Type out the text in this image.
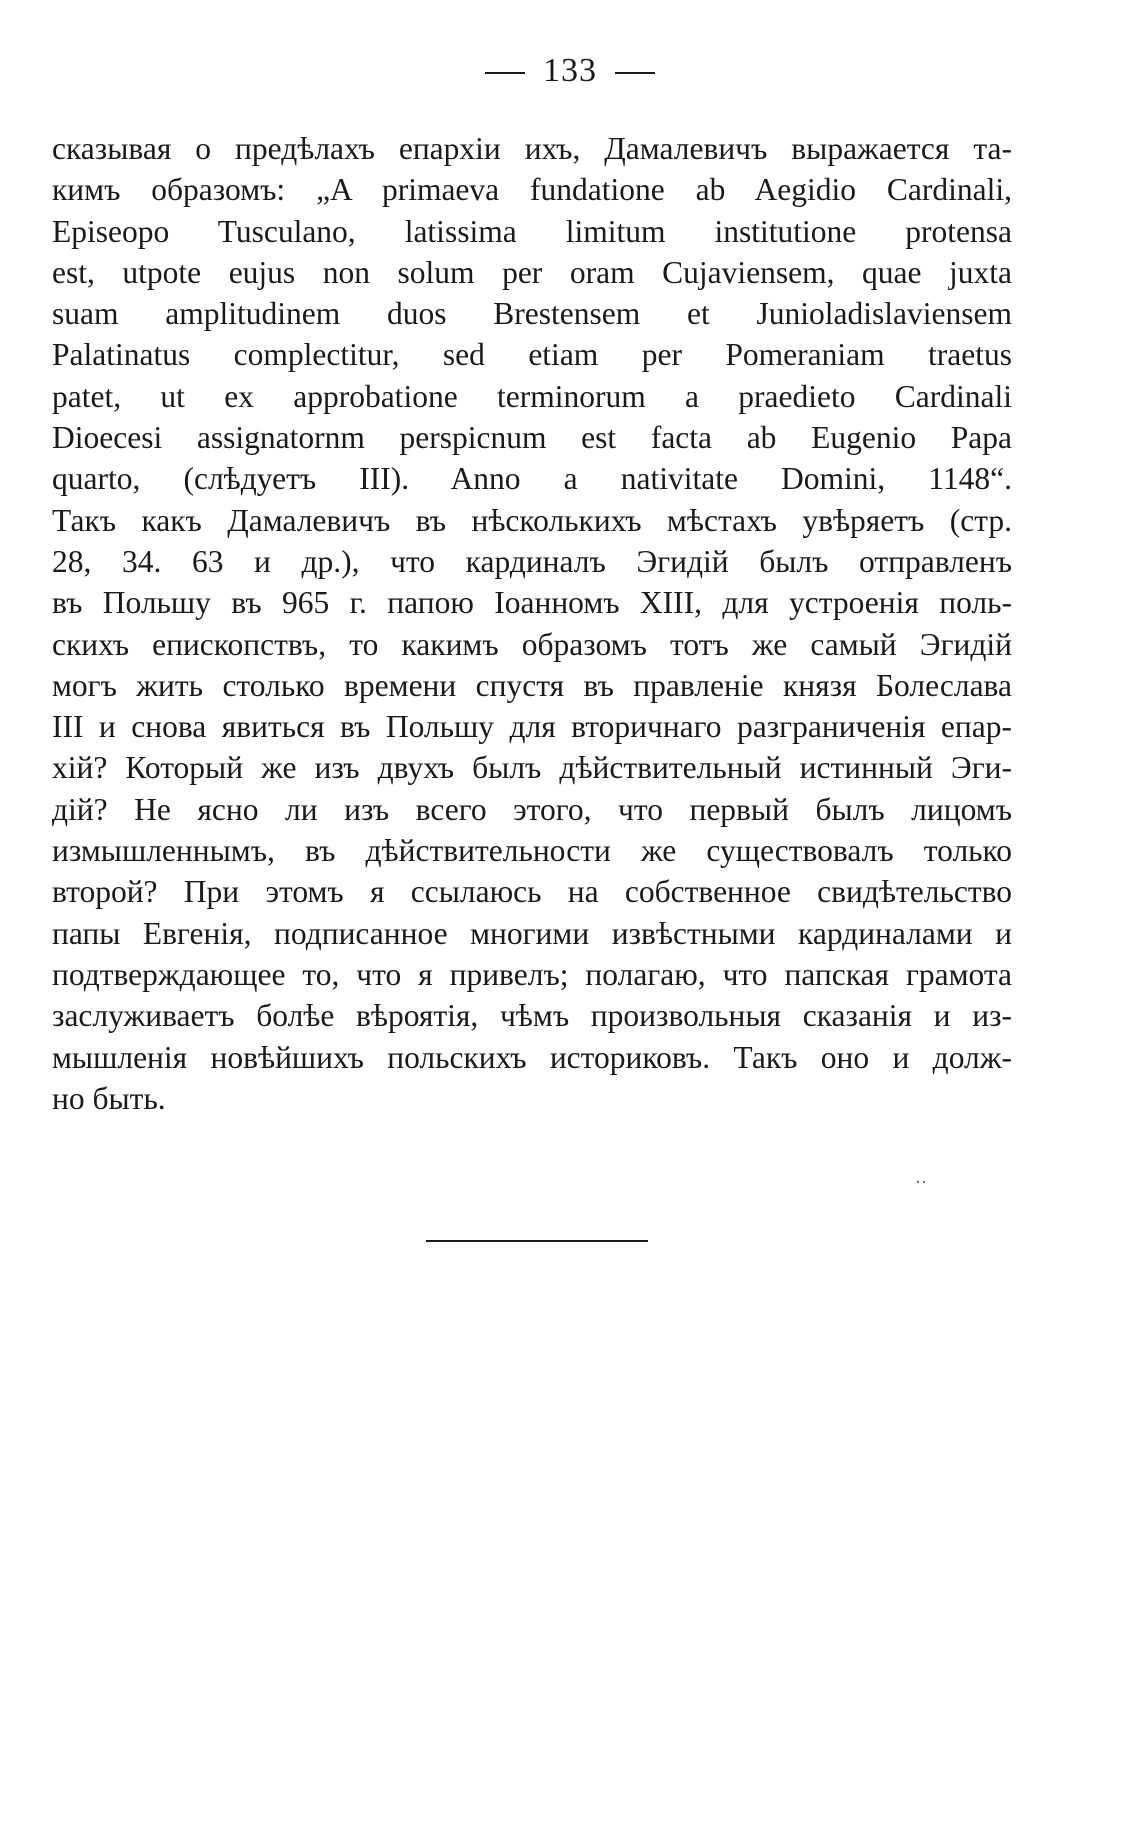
133
сказывая о предѣлахъ епархіи ихъ, Дамалевичъ выражается та-
кимъ образомъ: „A primaeva fundatione ab Aegidio Cardinali,
Episeopo Tusculano, latissima limitum institutione protensa
est, utpote eujus non solum per oram Cujaviensem, quae juxta
suam amplitudinem duos Brestensem et Junioladislaviensem
Palatinatus complectitur, sed etiam per Pomeraniam traetus
patet, ut ex approbatione terminorum a praedieto Cardinali
Dioecesi assignatornm perspicnum est facta ab Eugenio Papa
quarto, (слѣдуетъ III). Anno a nativitate Domini, 1148“.
Такъ какъ Дамалевичъ въ нѣсколькихъ мѣстахъ увѣряетъ (стр.
28, 34. 63 и др.), что кардиналъ Эгидій былъ отправленъ
въ Польшу въ 965 г. папою Іоанномъ XIII, для устроенія поль-
скихъ епископствъ, то какимъ образомъ тотъ же самый Эгидій
могъ жить столько времени спустя въ правленіе князя Болеслава
III и снова явиться въ Польшу для вторичнаго разграниченія епар-
хій? Который же изъ двухъ былъ дѣйствительный истинный Эги-
дій? Не ясно ли изъ всего этого, что первый былъ лицомъ
измышленнымъ, въ дѣйствительности же существовалъ только
второй? При этомъ я ссылаюсь на собственное свидѣтельство
папы Евгенія, подписанное многими извѣстными кардиналами и
подтверждающее то, что я привелъ; полагаю, что папская грамота
заслуживаетъ болѣе вѣроятія, чѣмъ произвольныя сказанія и из-
мышленія новѣйшихъ польскихъ историковъ. Такъ оно и долж-
но быть.
··
